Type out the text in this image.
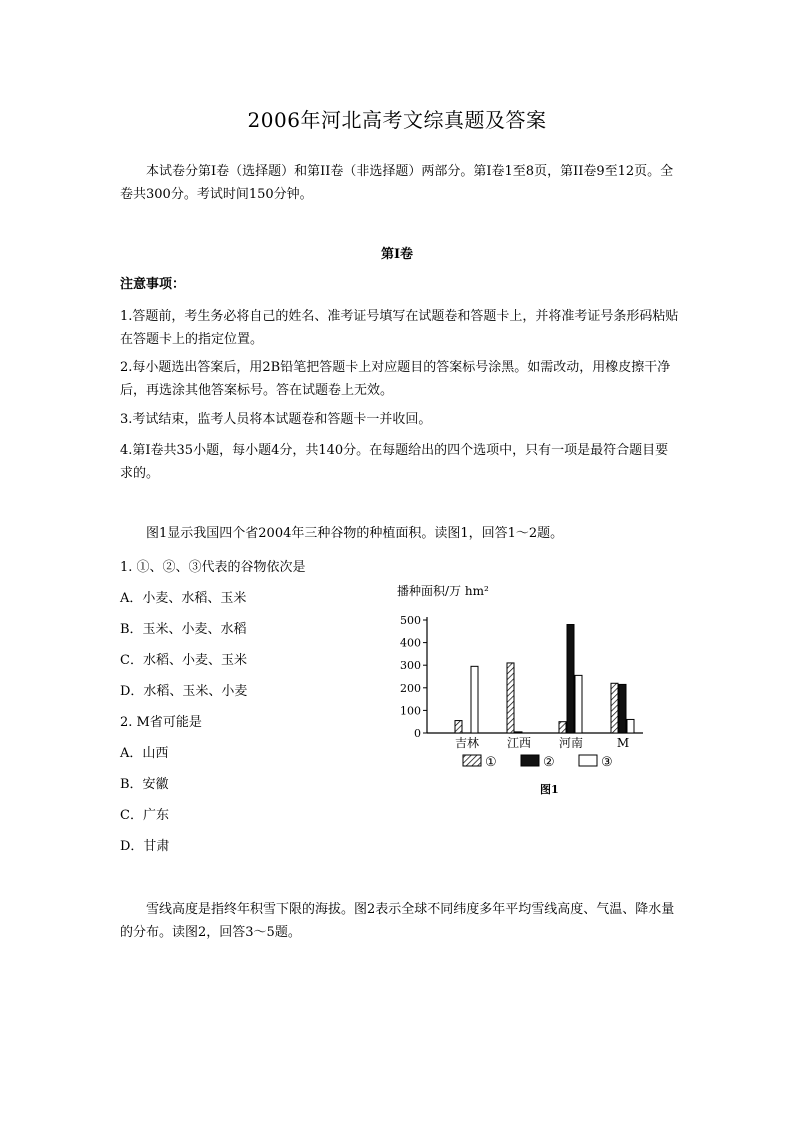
2006年河北高考文综真题及答案
本试卷分第I卷（选择题）和第II卷（非选择题）两部分。第I卷1至8页，第II卷9至12页。全卷共300分。考试时间150分钟。
第I卷
注意事项：
1.答题前，考生务必将自己的姓名、准考证号填写在试题卷和答题卡上，并将准考证号条形码粘贴在答题卡上的指定位置。
2.每小题选出答案后，用2B铅笔把答题卡上对应题目的答案标号涂黑。如需改动，用橡皮擦干净后，再选涂其他答案标号。答在试题卷上无效。
3.考试结束，监考人员将本试题卷和答题卡一并收回。
4.第I卷共35小题，每小题4分，共140分。在每题给出的四个选项中，只有一项是最符合题目要求的。
图1显示我国四个省2004年三种谷物的种植面积。读图1，回答1～2题。
1. ①、②、③代表的谷物依次是
A．小麦、水稻、玉米
B．玉米、小麦、水稻
C．水稻、小麦、玉米
D．水稻、玉米、小麦
2. M省可能是
A．山西
B．安徽
C．广东
D．甘肃
播种面积/万 hm²
0
100
200
300
400
500
吉林 江西 河南	M
①	②	③
图1
雪线高度是指终年积雪下限的海拔。图2表示全球不同纬度多年平均雪线高度、气温、降水量的分布。读图2，回答3～5题。
